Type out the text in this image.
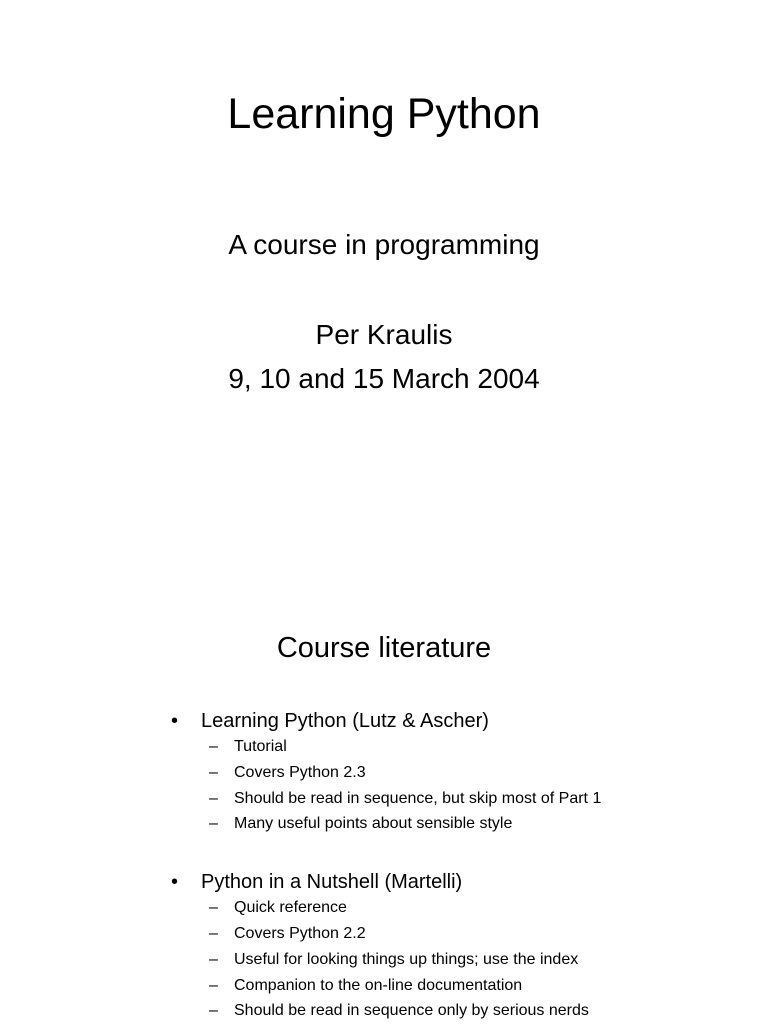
Learning Python
A course in programming
Per Kraulis
9, 10 and 15 March 2004
Course literature
• Learning Python (Lutz & Ascher)
– Tutorial
– Covers Python 2.3
– Should be read in sequence, but skip most of Part 1
– Many useful points about sensible style
• Python in a Nutshell (Martelli)
– Quick reference
– Covers Python 2.2
– Useful for looking things up things; use the index
– Companion to the on-line documentation
– Should be read in sequence only by serious nerds
